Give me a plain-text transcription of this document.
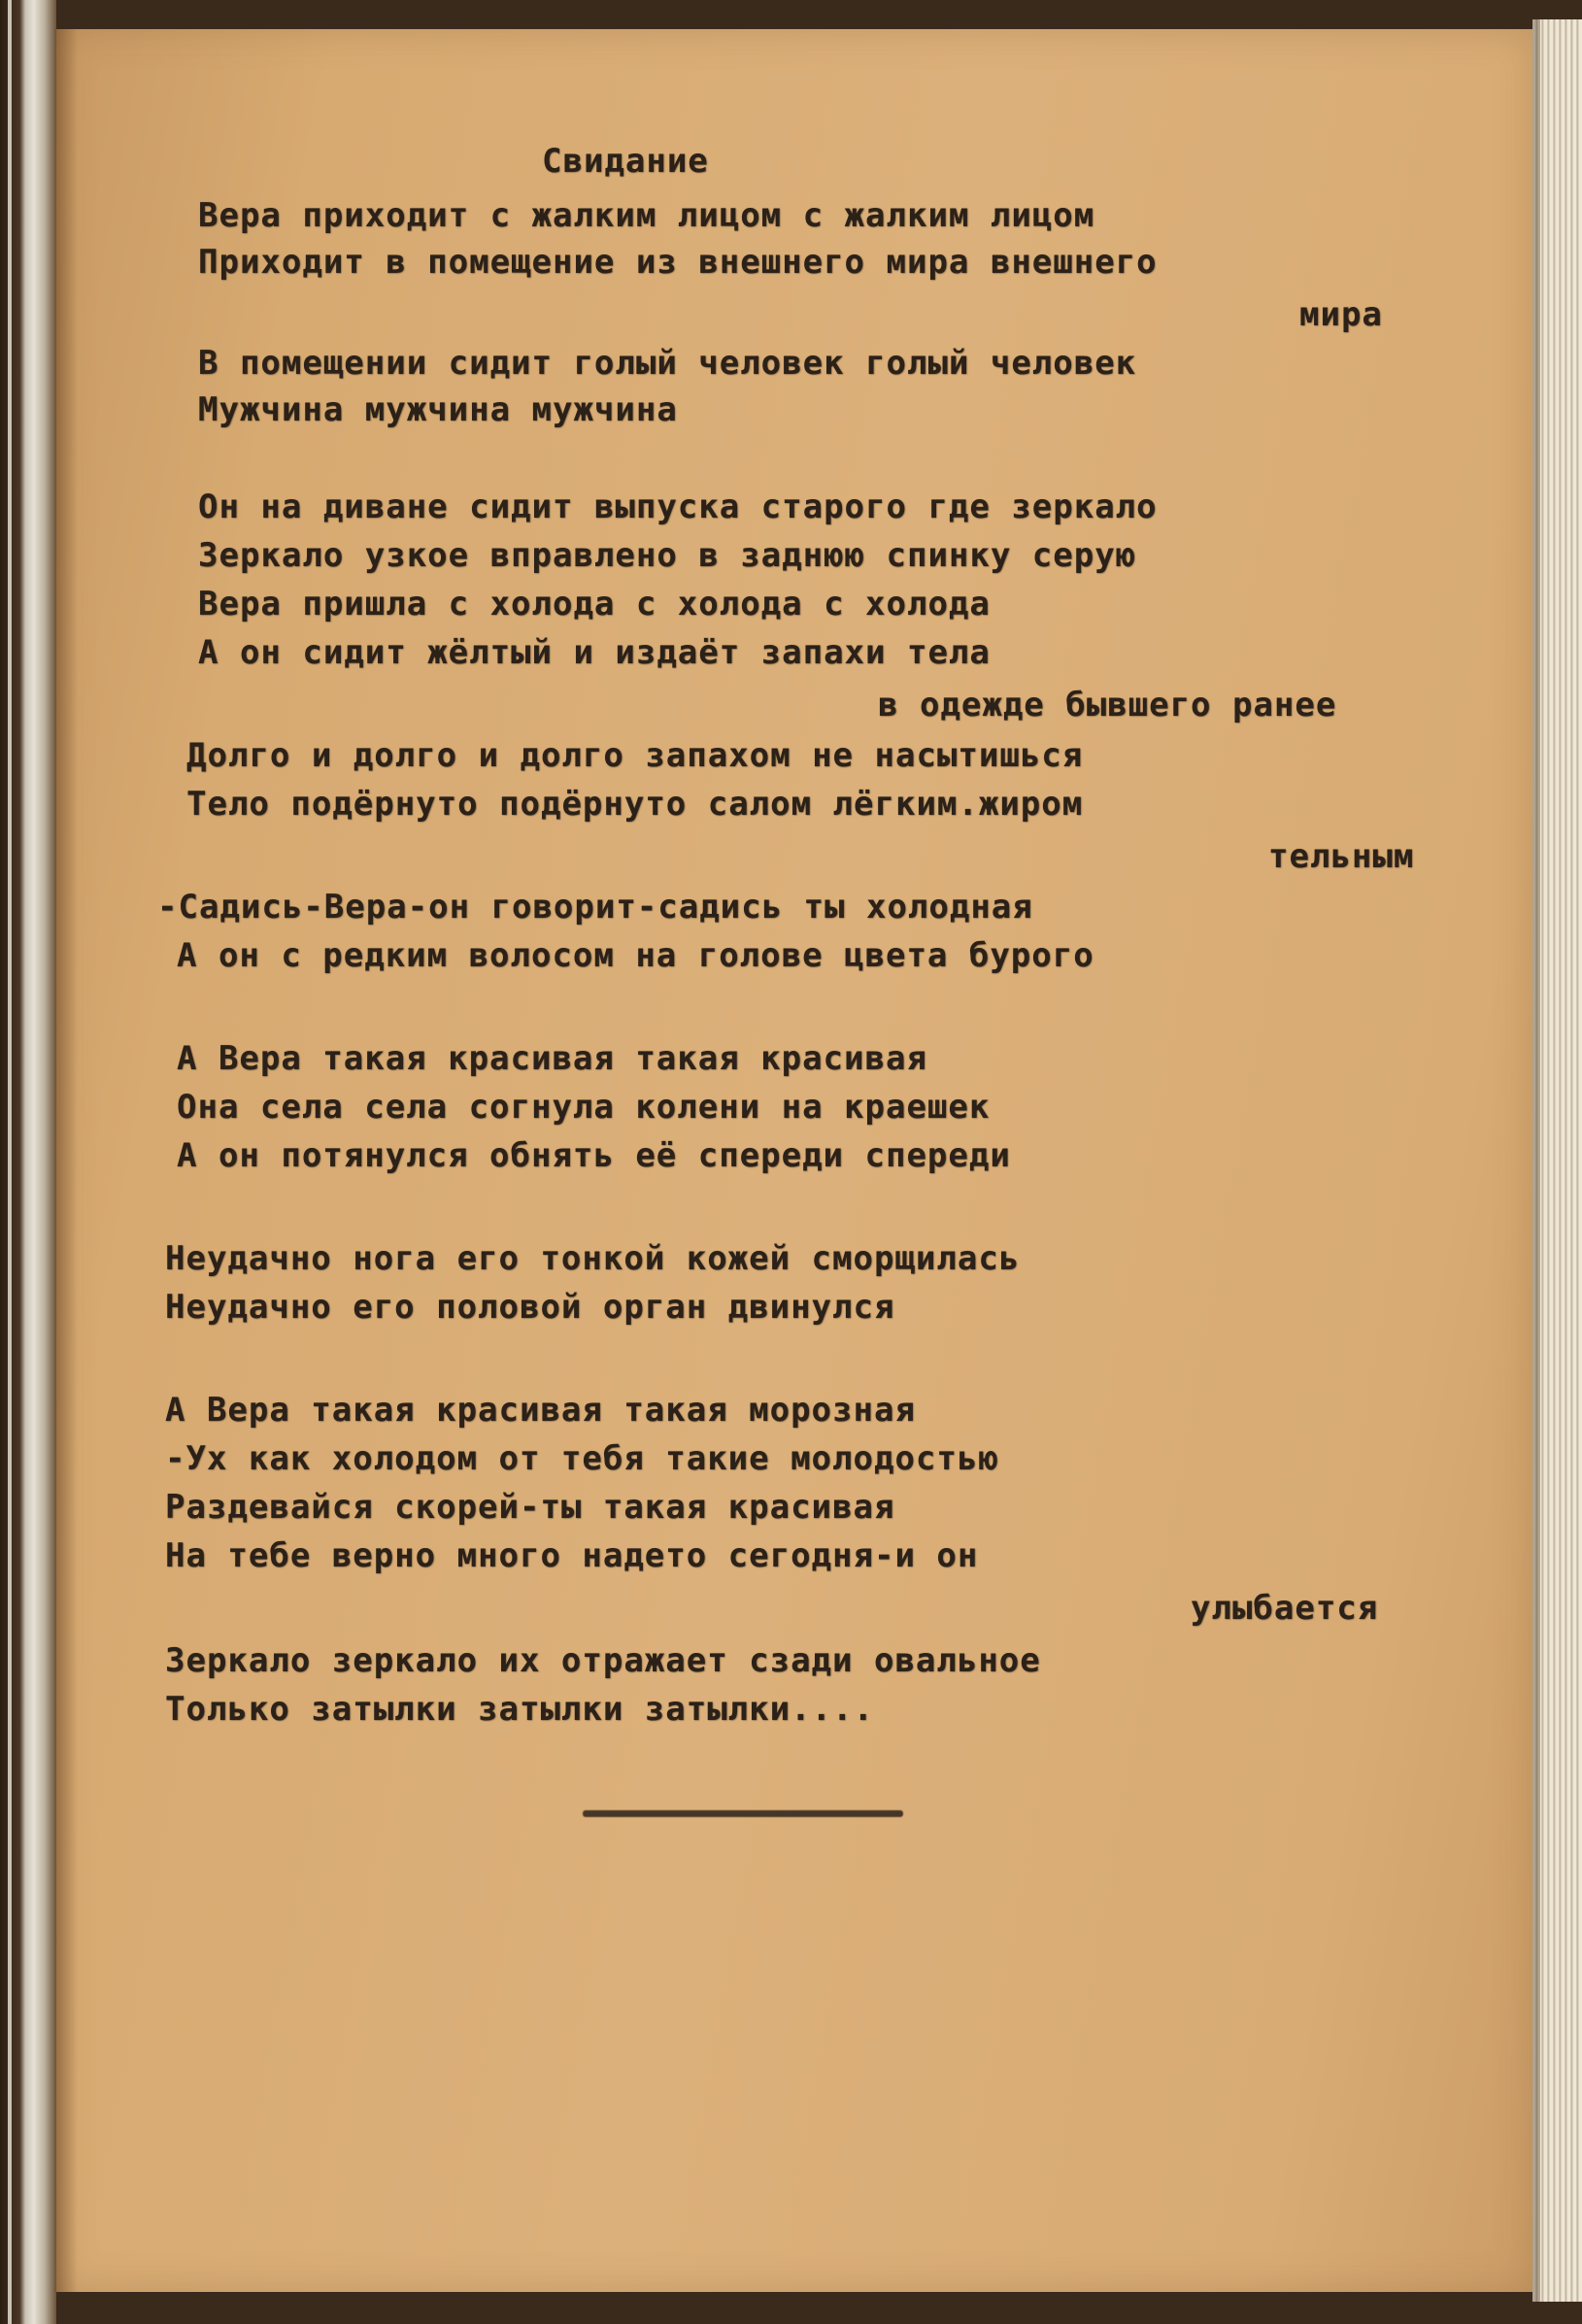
Свидание
Вера приходит с жалким лицом с жалким лицом
Приходит в помещение из внешнего мира внешнего
мира
В помещении сидит голый человек голый человек
Мужчина мужчина мужчина
Он на диване сидит выпуска старого где зеркало
Зеркало узкое вправлено в заднюю спинку серую
Вера пришла с холода с холода с холода
А он сидит жёлтый и издаёт запахи тела
в одежде бывшего ранее
Долго и долго и долго запахом не насытишься
Тело подёрнуто подёрнуто салом лёгким.жиром
тельным
-Садись-Вера-он говорит-садись ты холодная
А он с редким волосом на голове цвета бурого
А Вера такая красивая такая красивая
Она села села согнула колени на краешек
А он потянулся обнять её спереди спереди
Неудачно нога его тонкой кожей сморщилась
Неудачно его половой орган двинулся
А Вера такая красивая такая морозная
-Ух как холодом от тебя такие молодостью
Раздевайся скорей-ты такая красивая
На тебе верно много надето сегодня-и он
улыбается
Зеркало зеркало их отражает сзади овальное
Только затылки затылки затылки....
